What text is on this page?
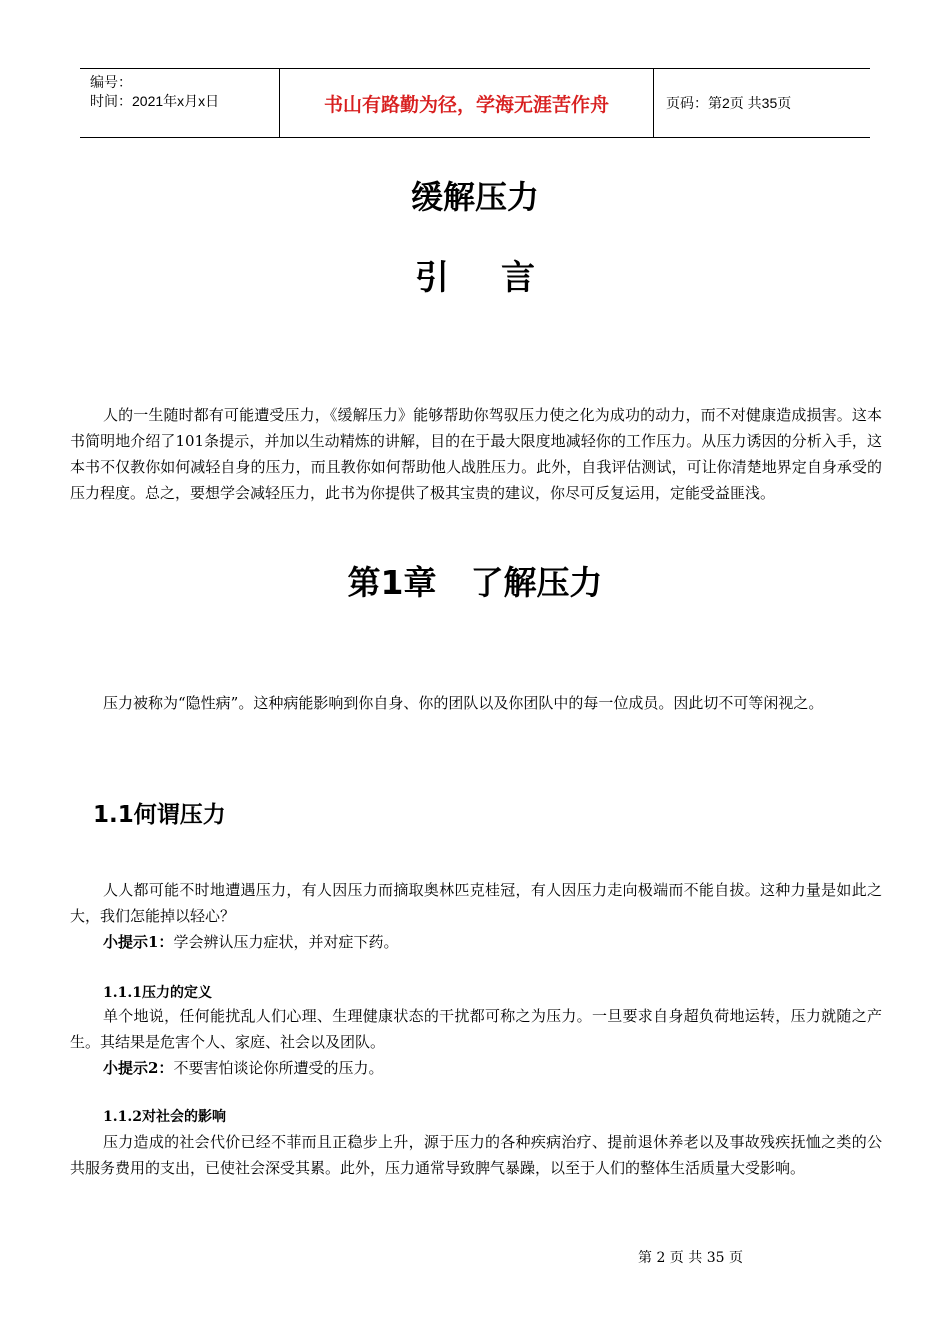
编号：
时间：2021年x月x日	书山有路勤为径，学海无涯苦作舟	页码：第2页 共35页
缓解压力
引言

人的一生随时都有可能遭受压力，《缓解压力》能够帮助你驾驭压力使之化为成功的动力，而不对健康造成损害。这本书简明地介绍了101条提示，并加以生动精炼的讲解，目的在于最大限度地减轻你的工作压力。从压力诱因的分析入手，这本书不仅教你如何减轻自身的压力，而且教你如何帮助他人战胜压力。此外，自我评估测试，可让你清楚地界定自身承受的压力程度。总之，要想学会减轻压力，此书为你提供了极其宝贵的建议，你尽可反复运用，定能受益匪浅。

第1章 了解压力

压力被称为“隐性病”。这种病能影响到你自身、你的团队以及你团队中的每一位成员。因此切不可等闲视之。

1.1何谓压力

人人都可能不时地遭遇压力，有人因压力而摘取奥林匹克桂冠，有人因压力走向极端而不能自拔。这种力量是如此之大，我们怎能掉以轻心？

小提示1：学会辨认压力症状，并对症下药。

1.1.1压力的定义

单个地说，任何能扰乱人们心理、生理健康状态的干扰都可称之为压力。一旦要求自身超负荷地运转，压力就随之产生。其结果是危害个人、家庭、社会以及团队。

小提示2：不要害怕谈论你所遭受的压力。

1.1.2对社会的影响

压力造成的社会代价已经不菲而且正稳步上升，源于压力的各种疾病治疗、提前退休养老以及事故残疾抚恤之类的公共服务费用的支出，已使社会深受其累。此外，压力通常导致脾气暴躁，以至于人们的整体生活质量大受影响。

第 2 页 共 35 页
